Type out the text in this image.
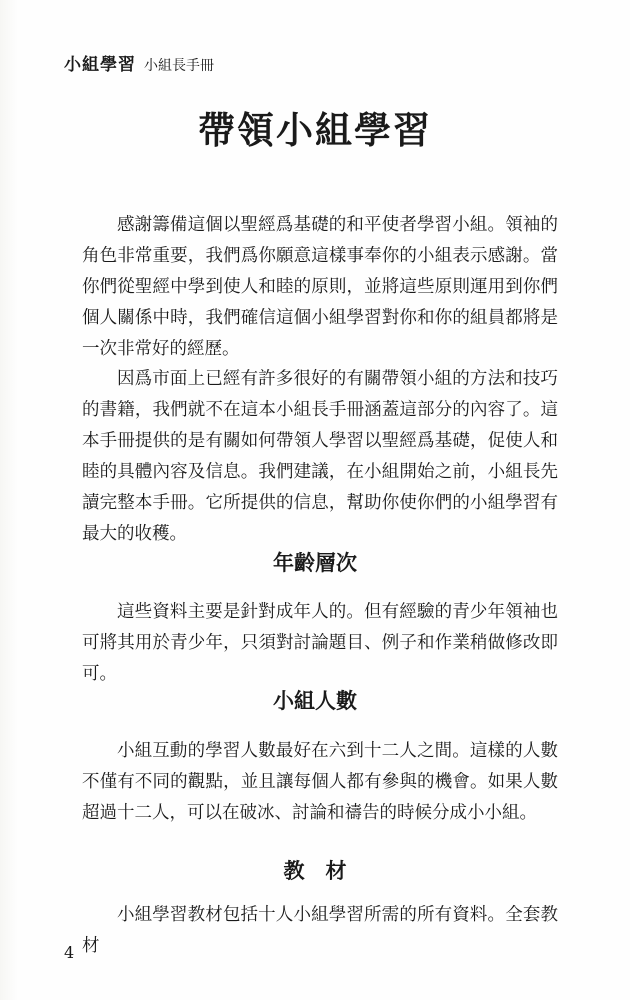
小組學習 小組長手冊
帶領小組學習

感謝籌備這個以聖經爲基礎的和平使者學習小組。領袖的角色非常重要，我們爲你願意這樣事奉你的小組表示感謝。當你們從聖經中學到使人和睦的原則，並將這些原則運用到你們個人關係中時，我們確信這個小組學習對你和你的組員都將是一次非常好的經歷。

因爲市面上已經有許多很好的有關帶領小組的方法和技巧的書籍，我們就不在這本小組長手冊涵蓋這部分的內容了。這本手冊提供的是有關如何帶領人學習以聖經爲基礎，促使人和睦的具體內容及信息。我們建議，在小組開始之前，小組長先讀完整本手冊。它所提供的信息，幫助你使你們的小組學習有最大的收穫。

年齡層次

這些資料主要是針對成年人的。但有經驗的青少年領袖也可將其用於青少年，只須對討論題目、例子和作業稍做修改即可。

小組人數

小組互動的學習人數最好在六到十二人之間。這樣的人數不僅有不同的觀點，並且讓每個人都有參與的機會。如果人數超過十二人，可以在破冰、討論和禱告的時候分成小小組。

教　材

小組學習教材包括十人小組學習所需的所有資料。全套教材

4
